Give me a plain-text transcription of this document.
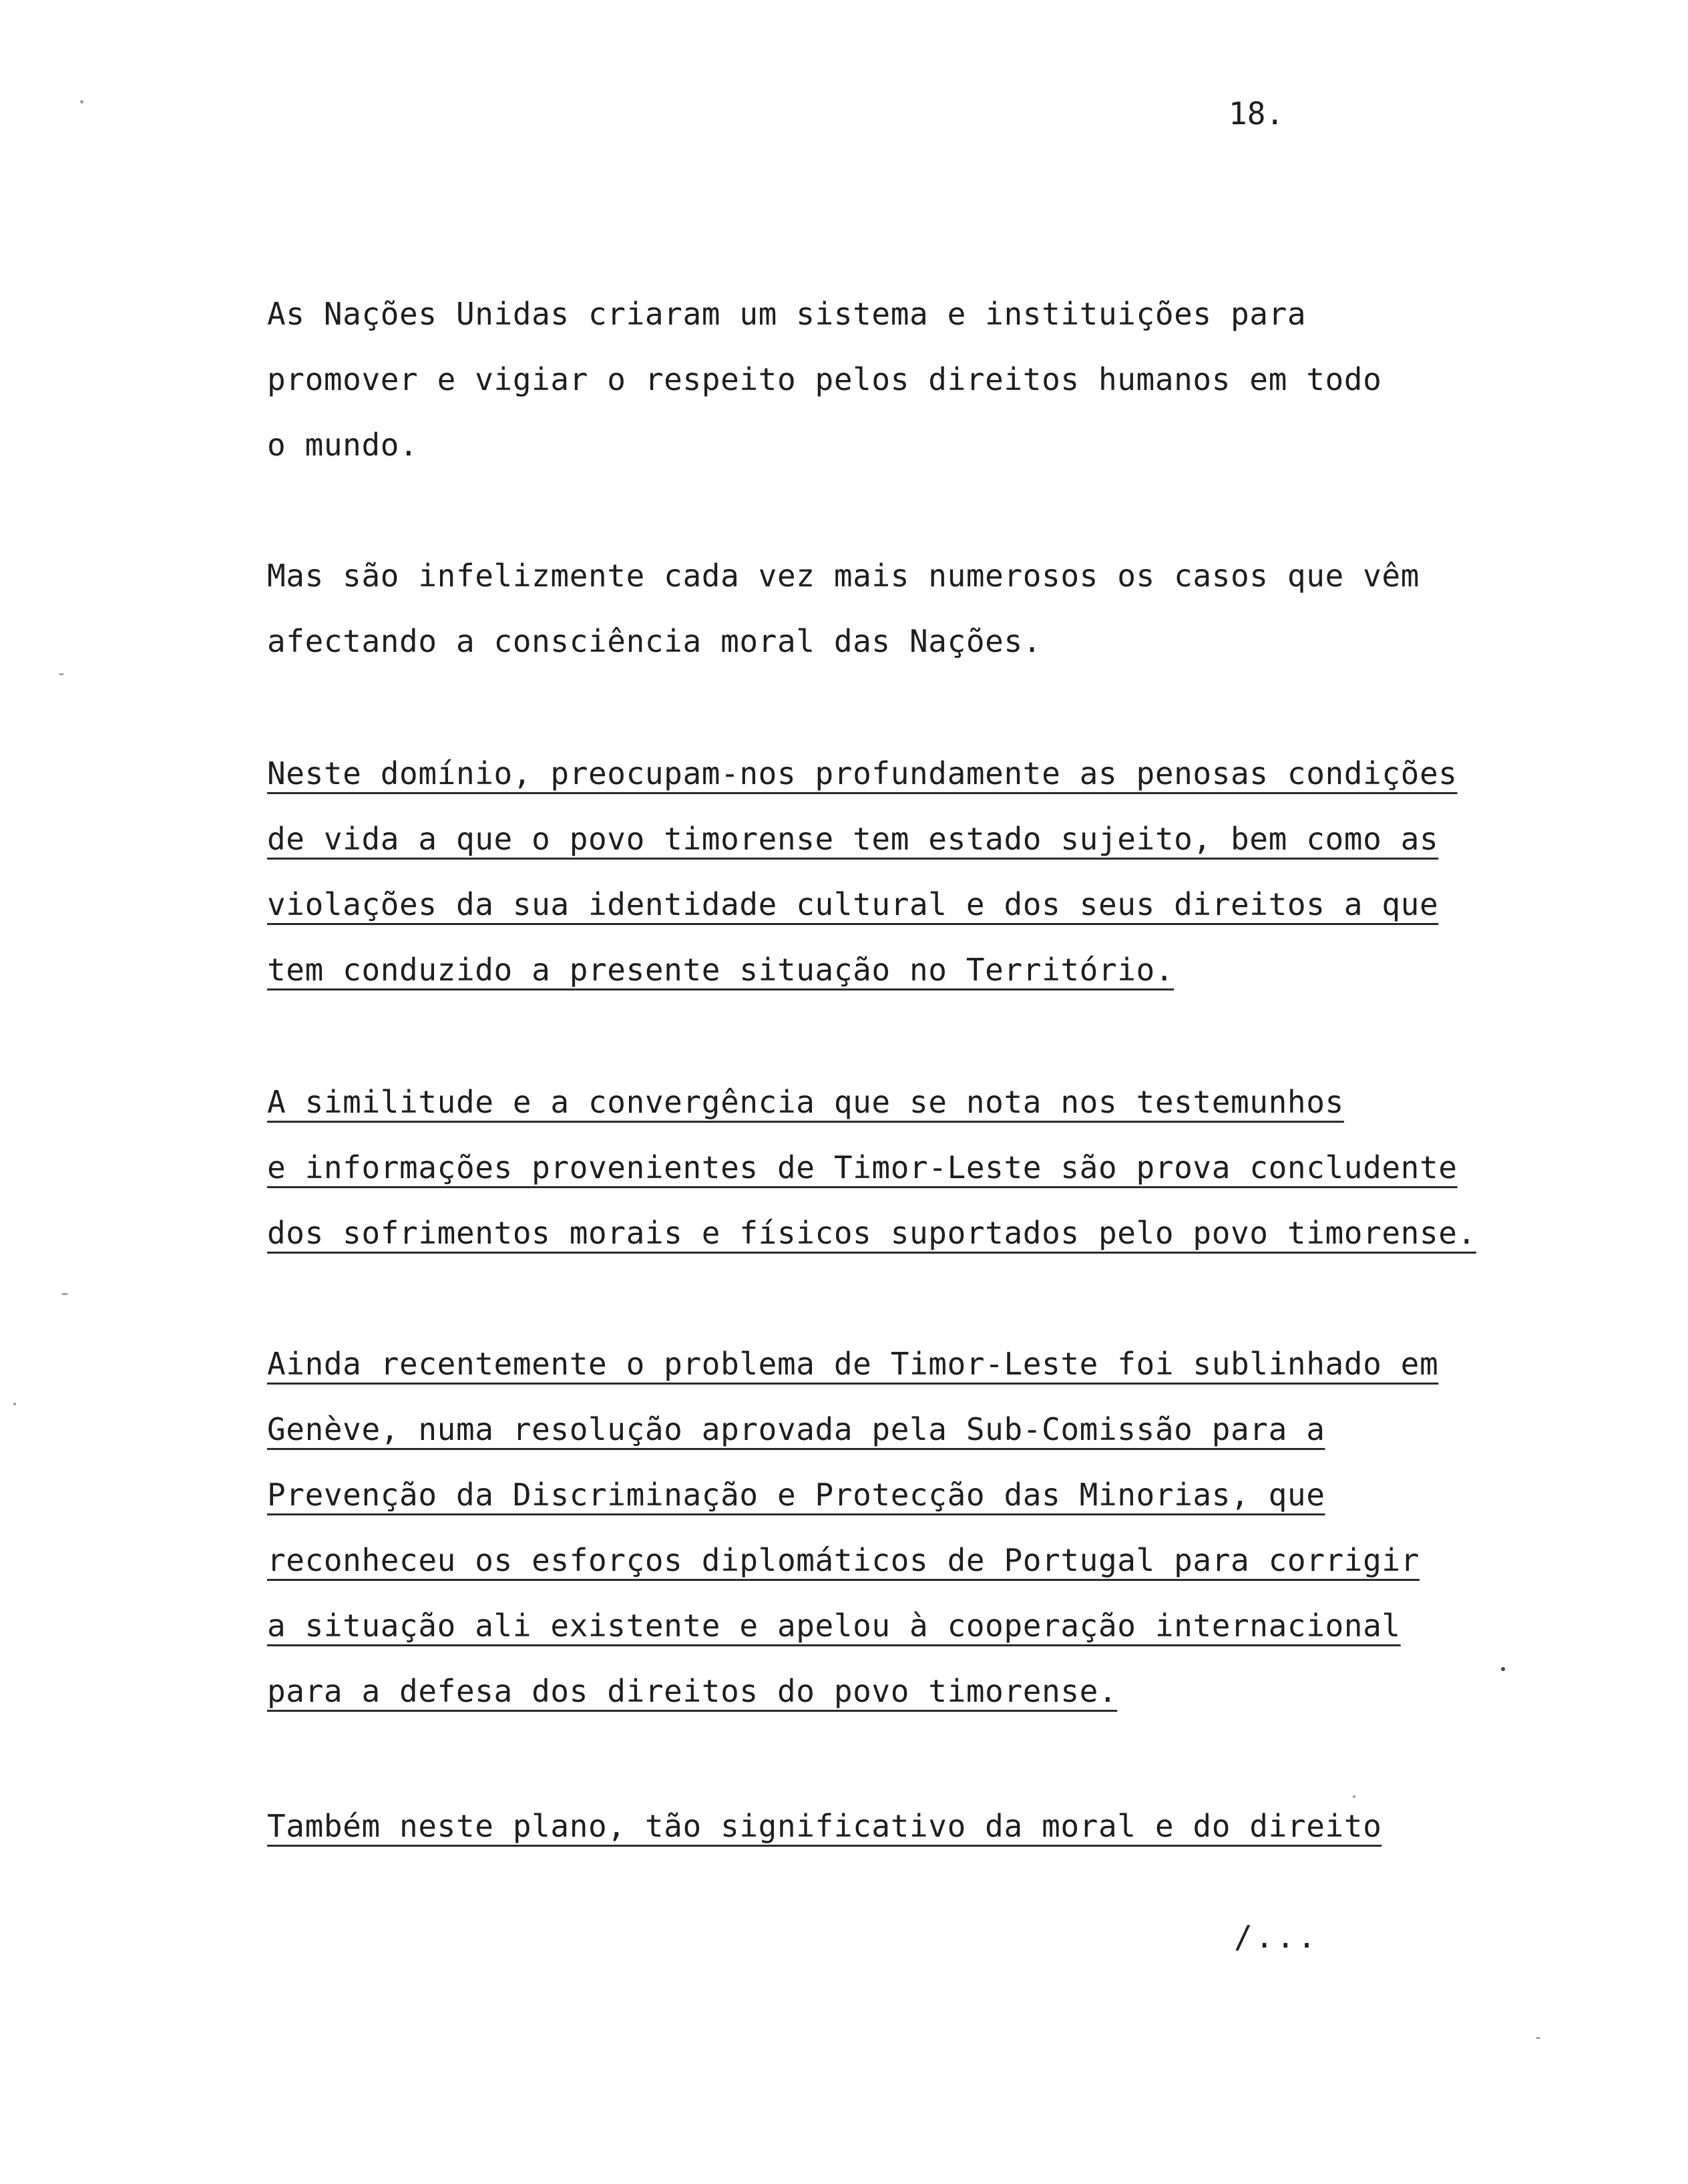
18.
As Nações Unidas criaram um sistema e instituições para
promover e vigiar o respeito pelos direitos humanos em todo
o mundo.
Mas são infelizmente cada vez mais numerosos os casos que vêm
afectando a consciência moral das Nações.
Neste domínio, preocupam-nos profundamente as penosas condições
de vida a que o povo timorense tem estado sujeito, bem como as
violações da sua identidade cultural e dos seus direitos a que
tem conduzido a presente situação no Território.
A similitude e a convergência que se nota nos testemunhos
e informações provenientes de Timor-Leste são prova concludente
dos sofrimentos morais e físicos suportados pelo povo timorense.
Ainda recentemente o problema de Timor-Leste foi sublinhado em
Genève, numa resolução aprovada pela Sub-Comissão para a
Prevenção da Discriminação e Protecção das Minorias, que
reconheceu os esforços diplomáticos de Portugal para corrigir
a situação ali existente e apelou à cooperação internacional
para a defesa dos direitos do povo timorense.
Também neste plano, tão significativo da moral e do direito
/...
